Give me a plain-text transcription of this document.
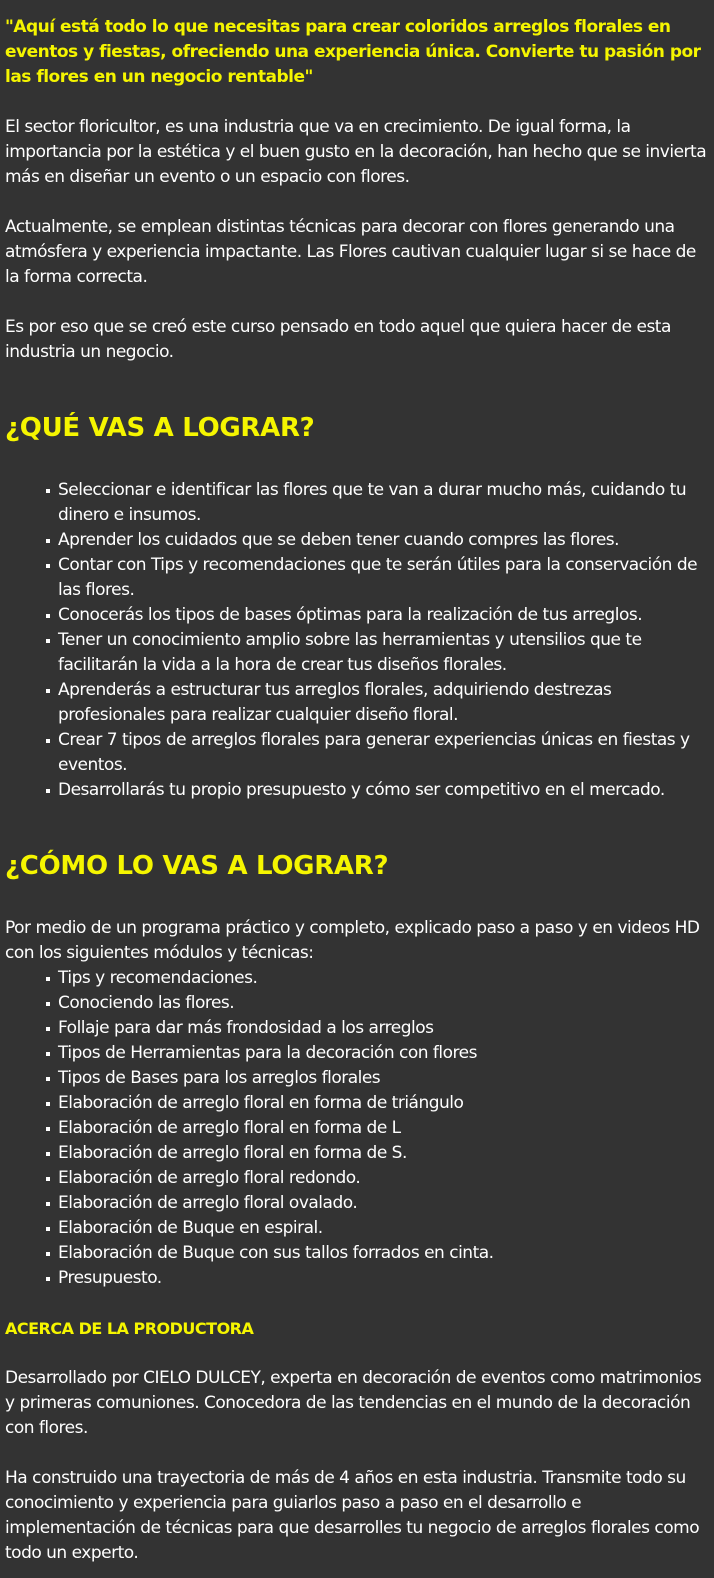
"Aquí está todo lo que necesitas para crear coloridos arreglos florales en eventos y fiestas, ofreciendo una experiencia única. Convierte tu pasión por las flores en un negocio rentable"

El sector floricultor, es una industria que va en crecimiento. De igual forma, la importancia por la estética y el buen gusto en la decoración, han hecho que se invierta más en diseñar un evento o un espacio con flores.

Actualmente, se emplean distintas técnicas para decorar con flores generando una atmósfera y experiencia impactante. Las Flores cautivan cualquier lugar si se hace de la forma correcta.

Es por eso que se creó este curso pensado en todo aquel que quiera hacer de esta industria un negocio.

¿QUÉ VAS A LOGRAR?
Seleccionar e identificar las flores que te van a durar mucho más, cuidando tu dinero e insumos.
Aprender los cuidados que se deben tener cuando compres las flores.
Contar con Tips y recomendaciones que te serán útiles para la conservación de las flores.
Conocerás los tipos de bases óptimas para la realización de tus arreglos.
Tener un conocimiento amplio sobre las herramientas y utensilios que te facilitarán la vida a la hora de crear tus diseños florales.
Aprenderás a estructurar tus arreglos florales, adquiriendo destrezas profesionales para realizar cualquier diseño floral.
Crear 7 tipos de arreglos florales para generar experiencias únicas en fiestas y eventos.
Desarrollarás tu propio presupuesto y cómo ser competitivo en el mercado.
¿CÓMO LO VAS A LOGRAR?

Por medio de un programa práctico y completo, explicado paso a paso y en videos HD con los siguientes módulos y técnicas:

Tips y recomendaciones.
Conociendo las flores.
Follaje para dar más frondosidad a los arreglos
Tipos de Herramientas para la decoración con flores
Tipos de Bases para los arreglos florales
Elaboración de arreglo floral en forma de triángulo
Elaboración de arreglo floral en forma de L
Elaboración de arreglo floral en forma de S.
Elaboración de arreglo floral redondo.
Elaboración de arreglo floral ovalado.
Elaboración de Buque en espiral.
Elaboración de Buque con sus tallos forrados en cinta.
Presupuesto.

ACERCA DE LA PRODUCTORA

Desarrollado por CIELO DULCEY, experta en decoración de eventos como matrimonios y primeras comuniones. Conocedora de las tendencias en el mundo de la decoración con flores.

Ha construido una trayectoria de más de 4 años en esta industria. Transmite todo su conocimiento y experiencia para guiarlos paso a paso en el desarrollo e implementación de técnicas para que desarrolles tu negocio de arreglos florales como todo un experto.
